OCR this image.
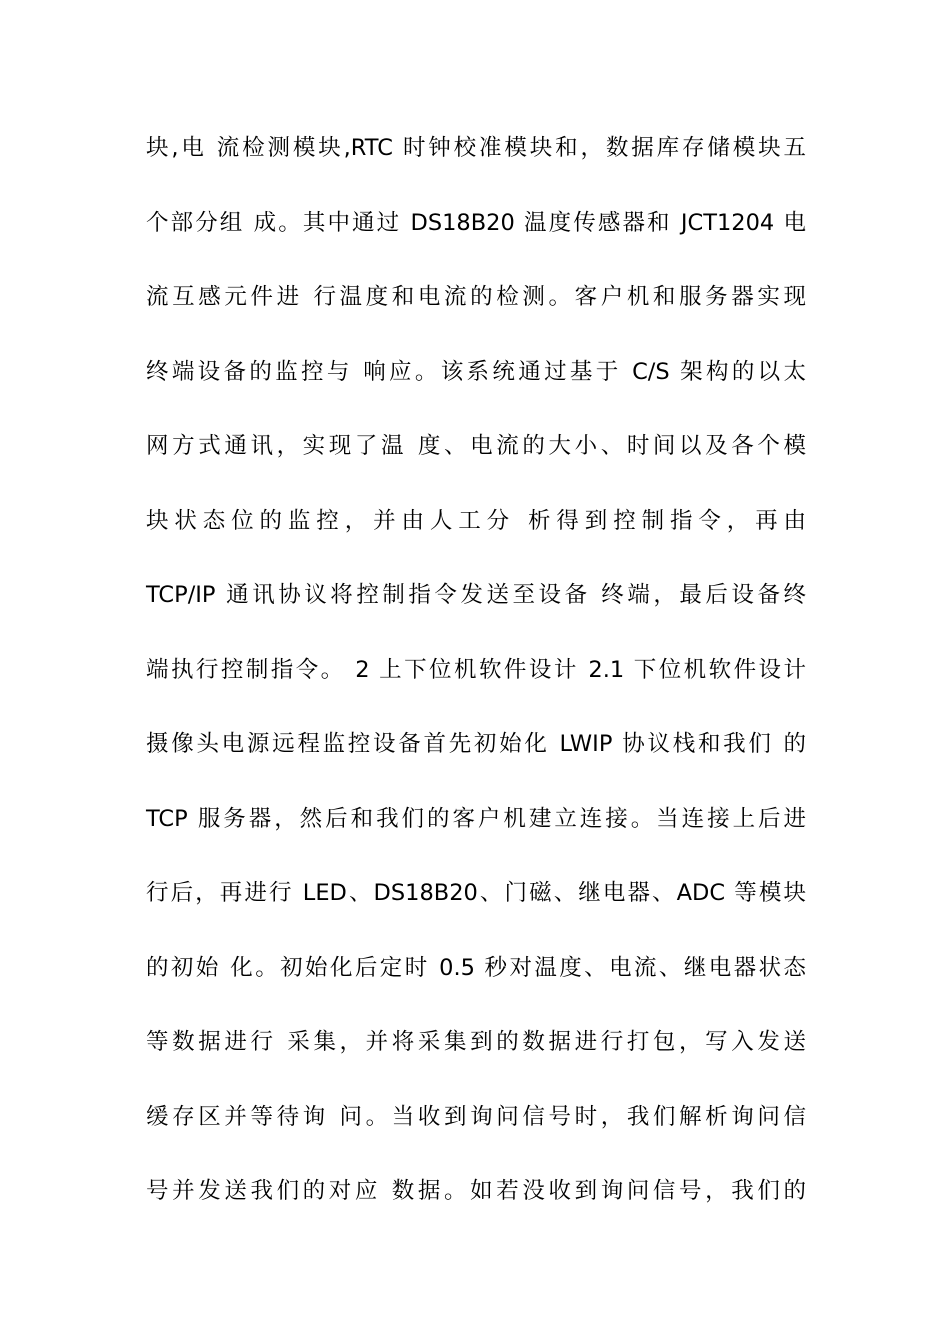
块,电 流检测模块,RTC 时钟校准模块和，数据库存储模块五
个部分组 成。其中通过 DS18B20 温度传感器和 JCT1204 电
流互感元件进 行温度和电流的检测。客户机和服务器实现
终端设备的监控与 响应。该系统通过基于 C/S 架构的以太
网方式通讯，实现了温 度、电流的大小、时间以及各个模
块状态位的监控，并由人工分 析得到控制指令，再由
TCP/IP 通讯协议将控制指令发送至设备 终端，最后设备终
端执行控制指令。 2 上下位机软件设计 2.1 下位机软件设计
摄像头电源远程监控设备首先初始化 LWIP 协议栈和我们 的
TCP 服务器，然后和我们的客户机建立连接。当连接上后进
行后，再进行 LED、DS18B20、门磁、继电器、ADC 等模块
的初始 化。初始化后定时 0.5 秒对温度、电流、继电器状态
等数据进行 采集，并将采集到的数据进行打包，写入发送
缓存区并等待询 问。当收到询问信号时，我们解析询问信
号并发送我们的对应 数据。如若没收到询问信号，我们的
